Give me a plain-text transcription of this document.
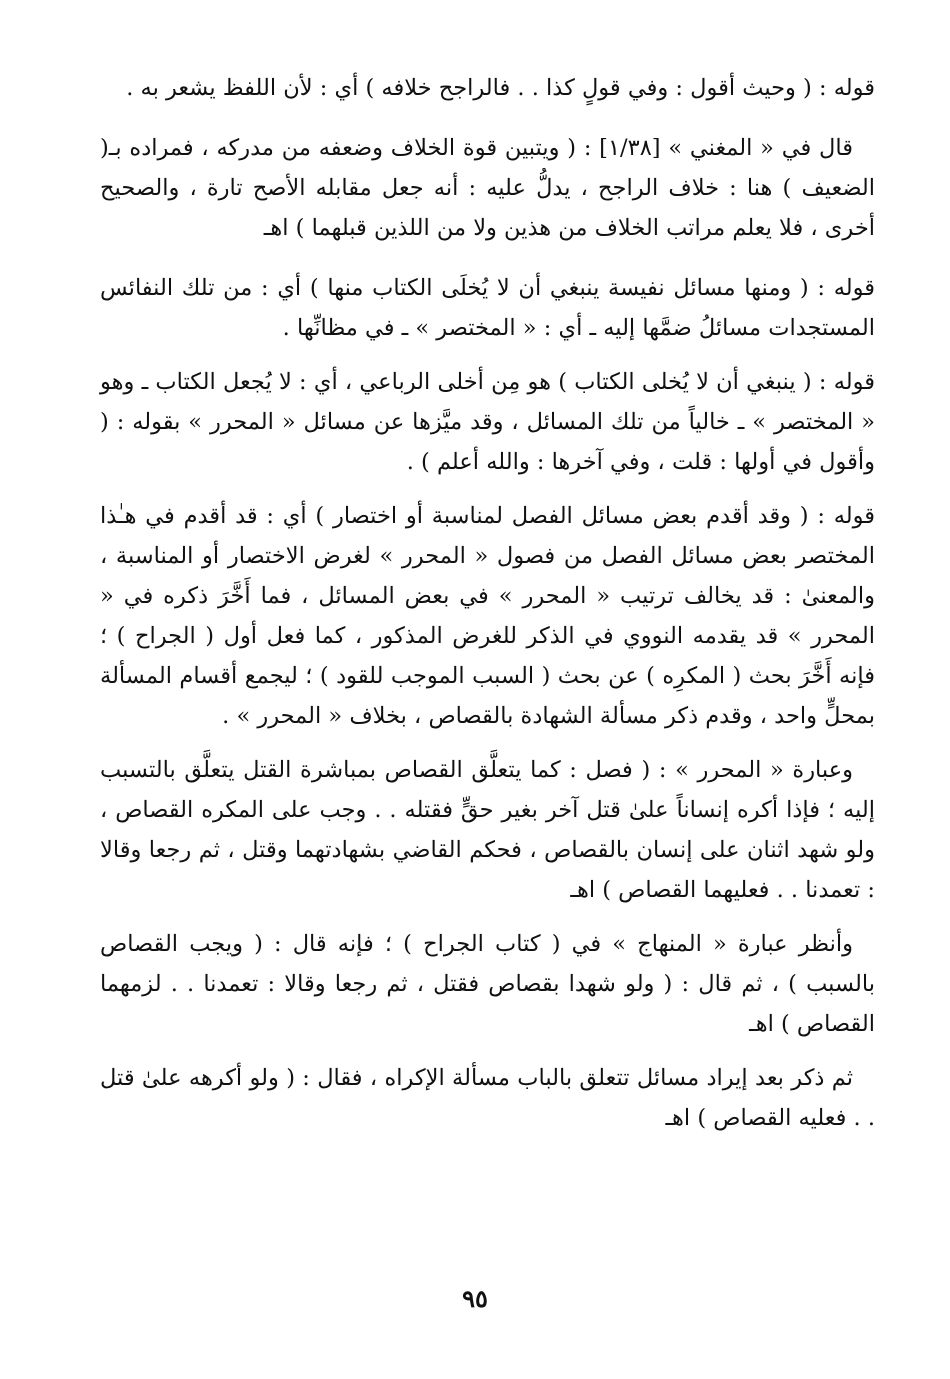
قوله : ( وحيث أقول : وفي قولٍ كذا . . فالراجح خلافه ) أي : لأن اللفظ يشعر به .

قال في « المغني » [١/٣٨] : ( ويتبين قوة الخلاف وضعفه من مدركه ، فمراده بـ( الضعيف ) هنا : خلاف الراجح ، يدلُّ عليه : أنه جعل مقابله الأصح تارة ، والصحيح أخرى ، فلا يعلم مراتب الخلاف من هذين ولا من اللذين قبلهما ) اهـ

قوله : ( ومنها مسائل نفيسة ينبغي أن لا يُخلَى الكتاب منها ) أي : من تلك النفائس المستجدات مسائلُ ضمَّها إليه ـ أي : « المختصر » ـ في مظانِّها .

قوله : ( ينبغي أن لا يُخلى الكتاب ) هو مِن أخلى الرباعي ، أي : لا يُجعل الكتاب ـ وهو « المختصر » ـ خالياً من تلك المسائل ، وقد ميَّزها عن مسائل « المحرر » بقوله : ( وأقول في أولها : قلت ، وفي آخرها : والله أعلم ) .

قوله : ( وقد أقدم بعض مسائل الفصل لمناسبة أو اختصار ) أي : قد أقدم في هـٰذا المختصر بعض مسائل الفصل من فصول « المحرر » لغرض الاختصار أو المناسبة ، والمعنىٰ : قد يخالف ترتيب « المحرر » في بعض المسائل ، فما أَخَّرَ ذكره في « المحرر » قد يقدمه النووي في الذكر للغرض المذكور ، كما فعل أول ( الجراح ) ؛ فإنه أَخَّرَ بحث ( المكرِه ) عن بحث ( السبب الموجب للقود ) ؛ ليجمع أقسام المسألة بمحلٍّ واحد ، وقدم ذكر مسألة الشهادة بالقصاص ، بخلاف « المحرر » .

وعبارة « المحرر » : ( فصل : كما يتعلَّق القصاص بمباشرة القتل يتعلَّق بالتسبب إليه ؛ فإذا أكره إنساناً علىٰ قتل آخر بغير حقٍّ فقتله . . وجب على المكره القصاص ، ولو شهد اثنان على إنسان بالقصاص ، فحكم القاضي بشهادتهما وقتل ، ثم رجعا وقالا : تعمدنا . . فعليهما القصاص ) اهـ

وأنظر عبارة « المنهاج » في ( كتاب الجراح ) ؛ فإنه قال : ( ويجب القصاص بالسبب ) ، ثم قال : ( ولو شهدا بقصاص فقتل ، ثم رجعا وقالا : تعمدنا . . لزمهما القصاص ) اهـ

ثم ذكر بعد إيراد مسائل تتعلق بالباب مسألة الإكراه ، فقال : ( ولو أكرهه علىٰ قتل . . فعليه القصاص ) اهـ

٩٥
